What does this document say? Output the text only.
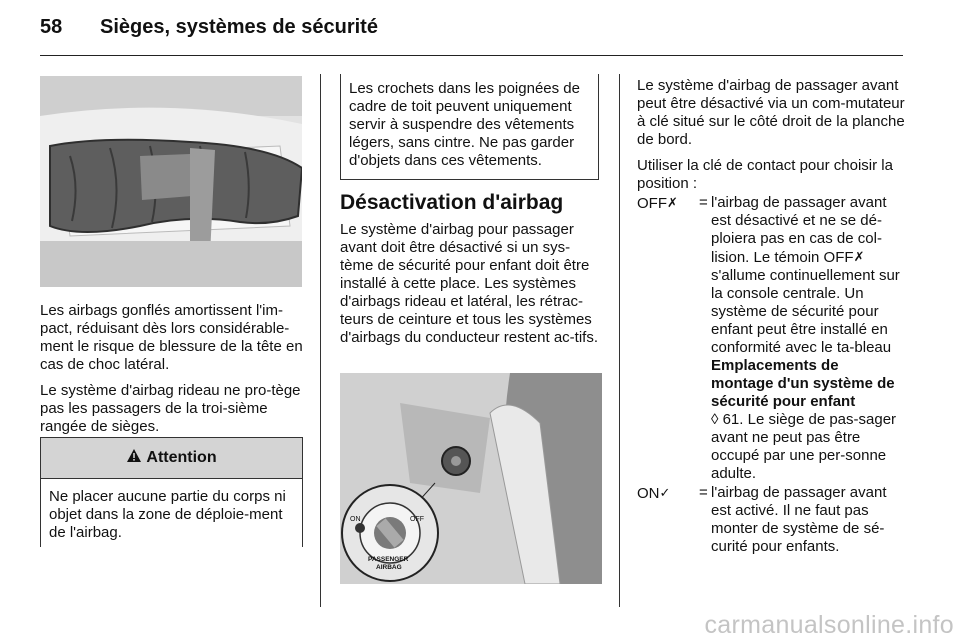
58 Sièges, systèmes de sécurité

Les airbags gonflés amortissent l'im-pact, réduisant dès lors considérable-ment le risque de blessure de la tête en cas de choc latéral.

Le système d'airbag rideau ne pro-tège pas les passagers de la troi-sième rangée de sièges.

Attention
Ne placer aucune partie du corps ni objet dans la zone de déploie-ment de l'airbag.
Les crochets dans les poignées de cadre de toit peuvent uniquement servir à suspendre des vêtements légers, sans cintre. Ne pas garder d'objets dans ces vêtements.
Désactivation d'airbag

Le système d'airbag pour passager avant doit être désactivé si un sys-tème de sécurité pour enfant doit être installé à cette place. Les systèmes d'airbags rideau et latéral, les rétrac-teurs de ceinture et tous les systèmes d'airbags du conducteur restent ac-tifs.

ON	OFF
PASSENGER
AIRBAG

Le système d'airbag de passager avant peut être désactivé via un com-mutateur à clé situé sur le côté droit de la planche de bord.

Utiliser la clé de contact pour choisir la position :

OFF✗	= l'airbag de passager avant est désactivé et ne se dé-ploiera pas en cas de col-lision. Le témoin OFF✗ s'allume continuellement sur la console centrale. Un système de sécurité pour enfant peut être installé en conformité avec le ta-bleau Emplacements de montage d'un système de sécurité pour enfant
◊ 61. Le siège de pas-sager avant ne peut pas être occupé par une per-sonne adulte.
ON✓	= l'airbag de passager avant est activé. Il ne faut pas monter de système de sé-curité pour enfants.
carmanualsonline.info
